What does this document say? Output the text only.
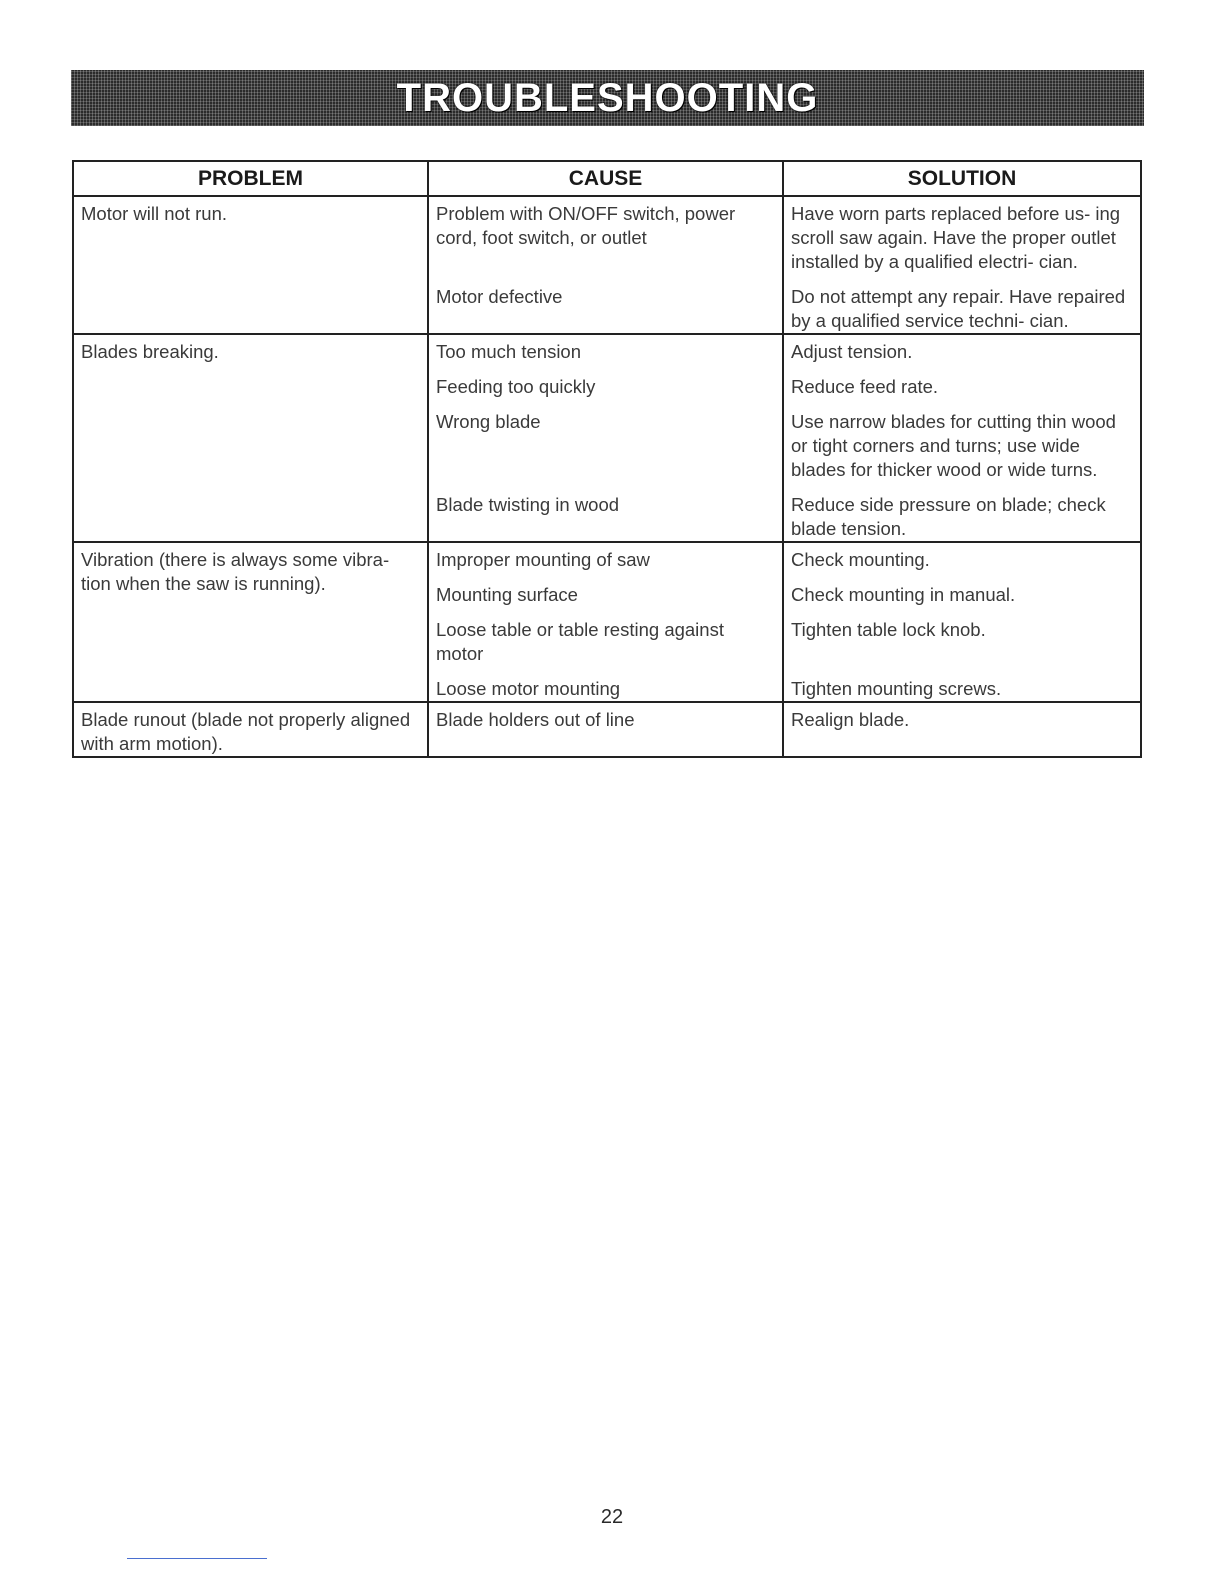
TROUBLESHOOTING
PROBLEM	CAUSE	SOLUTION
Motor will not run.	Problem with ON/OFF switch, power cord, foot switch, or outlet	Have worn parts replaced before us- ing scroll saw again. Have the proper outlet installed by a qualified electri- cian.

	Motor defective	Do not attempt any repair. Have repaired by a qualified service techni- cian.
Blades breaking.	Too much tension	Adjust tension.

	Feeding too quickly	Reduce feed rate.

	Wrong blade	Use narrow blades for cutting thin wood or tight corners and turns; use wide blades for thicker wood or wide turns.

	Blade twisting in wood	Reduce side pressure on blade; check blade tension.
Vibration (there is always some vibra- tion when the saw is running).	Improper mounting of saw	Check mounting.

	Mounting surface	Check mounting in manual.

	Loose table or table resting against motor	Tighten table lock knob.

	Loose motor mounting	Tighten mounting screws.
Blade runout (blade not properly aligned with arm motion).	Blade holders out of line	Realign blade.
22
